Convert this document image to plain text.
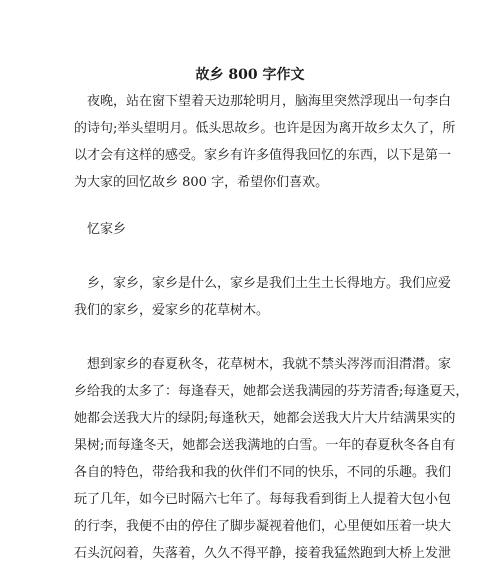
故乡 800 字作文
夜晚，站在窗下望着天边那轮明月，脑海里突然浮现出一句李白
的诗句;举头望明月。低头思故乡。也许是因为离开故乡太久了，所
以才会有这样的感受。家乡有许多值得我回忆的东西，以下是第一
为大家的回忆故乡 800 字，希望你们喜欢。
忆家乡
乡，家乡，家乡是什么，家乡是我们土生土长得地方。我们应爱
我们的家乡，爱家乡的花草树木。
想到家乡的春夏秋冬，花草树木，我就不禁头涔涔而泪潸潸。家
乡给我的太多了：每逢春天，她都会送我满园的芬芳清香;每逢夏天，
她都会送我大片的绿阴;每逢秋天，她都会送我大片大片结满果实的
果树;而每逢冬天，她都会送我满地的白雪。一年的春夏秋冬各自有
各自的特色，带给我和我的伙伴们不同的快乐，不同的乐趣。我们
玩了几年，如今已时隔六七年了。每每我看到街上人提着大包小包
的行李，我便不由的停住了脚步凝视着他们，心里便如压着一块大
石头沉闷着，失落着，久久不得平静，接着我猛然跑到大桥上发泄
